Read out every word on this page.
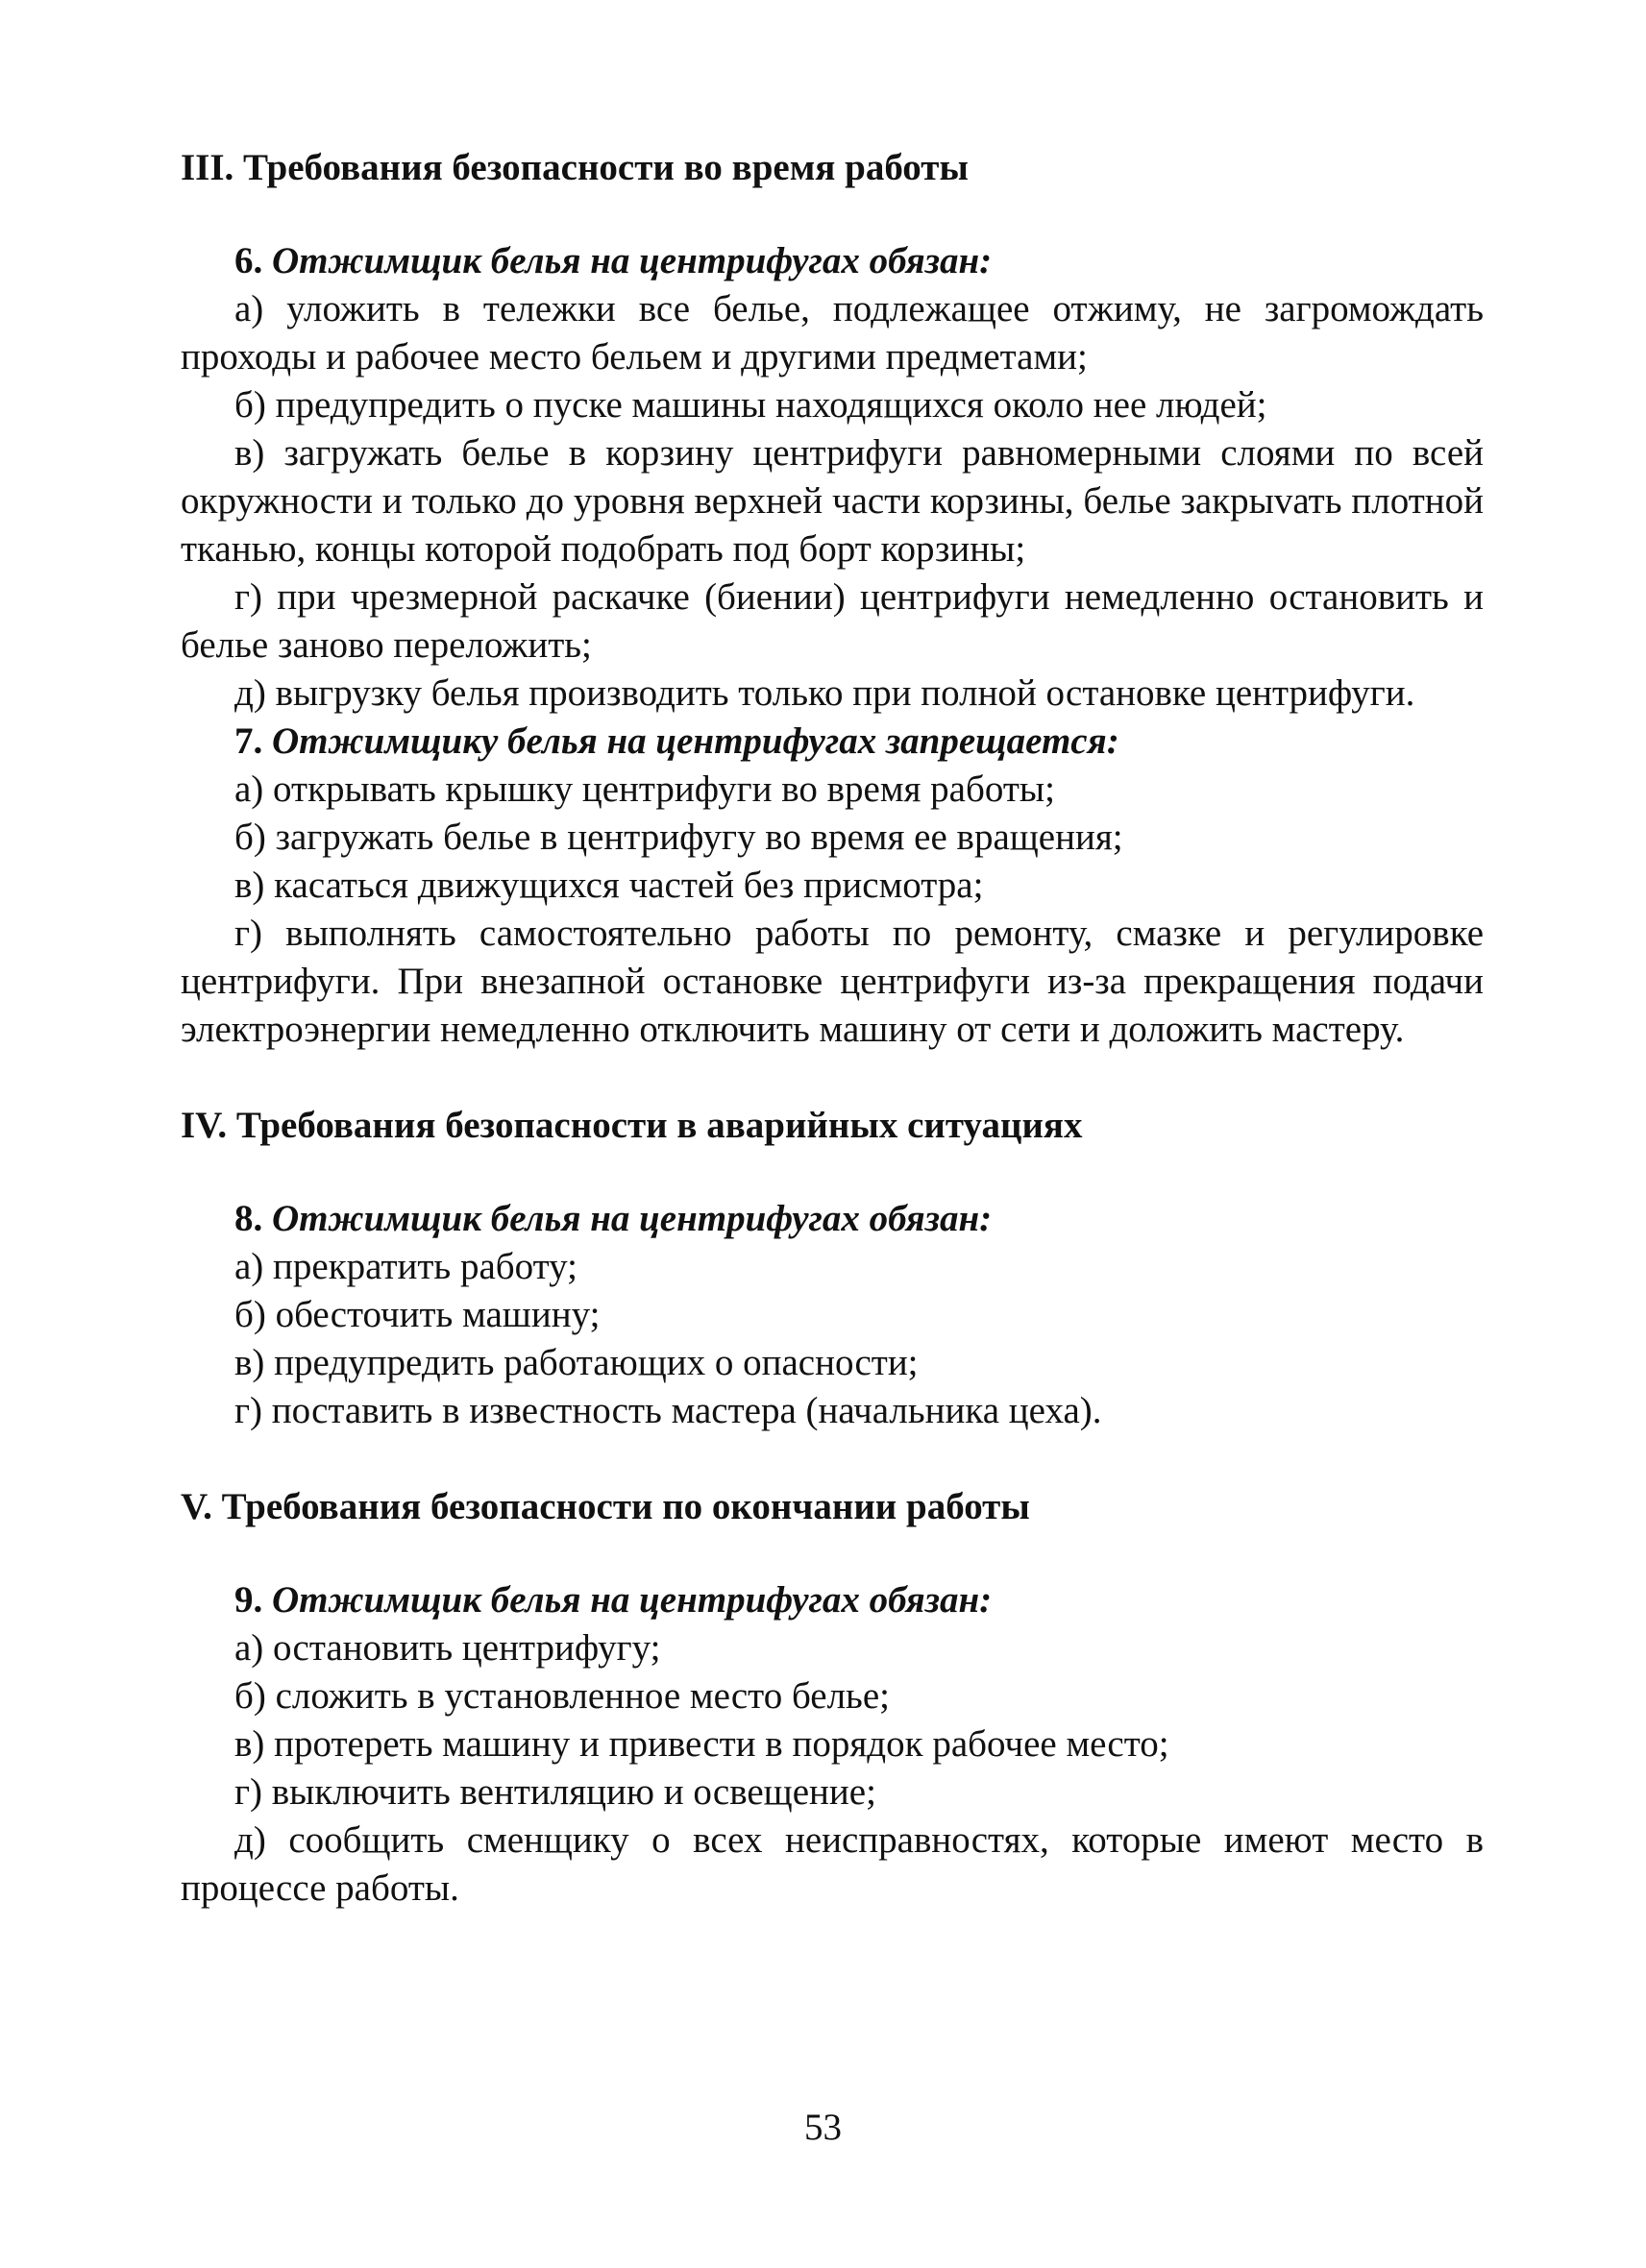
III. Требования безопасности во время работы

6. Отжимщик белья на центрифугах обязан:

а) уложить в тележки все белье, подлежащее отжиму, не загромождать проходы и рабочее место бельем и другими предметами;

б) предупредить о пуске машины находящихся около нее людей;

в) загружать белье в корзину центрифуги равномерными слоями по всей окружности и только до уровня верхней части корзины, белье закрыvать плотной тканью, концы которой подобрать под борт корзины;

г) при чрезмерной раскачке (биении) центрифуги немедленно остановить и белье заново переложить;

д) выгрузку белья производить только при полной остановке центрифуги.

7. Отжимщику белья на центрифугах запрещается:

а) открывать крышку центрифуги во время работы;

б) загружать белье в центрифугу во время ее вращения;

в) касаться движущихся частей без присмотра;

г) выполнять самостоятельно работы по ремонту, смазке и регулировке центрифуги. При внезапной остановке центрифуги из-за прекращения подачи электроэнергии немедленно отключить машину от сети и доложить мастеру.

IV. Требования безопасности в аварийных ситуациях

8. Отжимщик белья на центрифугах обязан:

а) прекратить работу;

б) обесточить машину;

в) предупредить работающих о опасности;

г) поставить в известность мастера (начальника цеха).

V. Требования безопасности по окончании работы

9. Отжимщик белья на центрифугах обязан:

а) остановить центрифугу;

б) сложить в установленное место белье;

в) протереть машину и привести в порядок рабочее место;

г) выключить вентиляцию и освещение;

д) сообщить сменщику о всех неисправностях, которые имеют место в процессе работы.

53
